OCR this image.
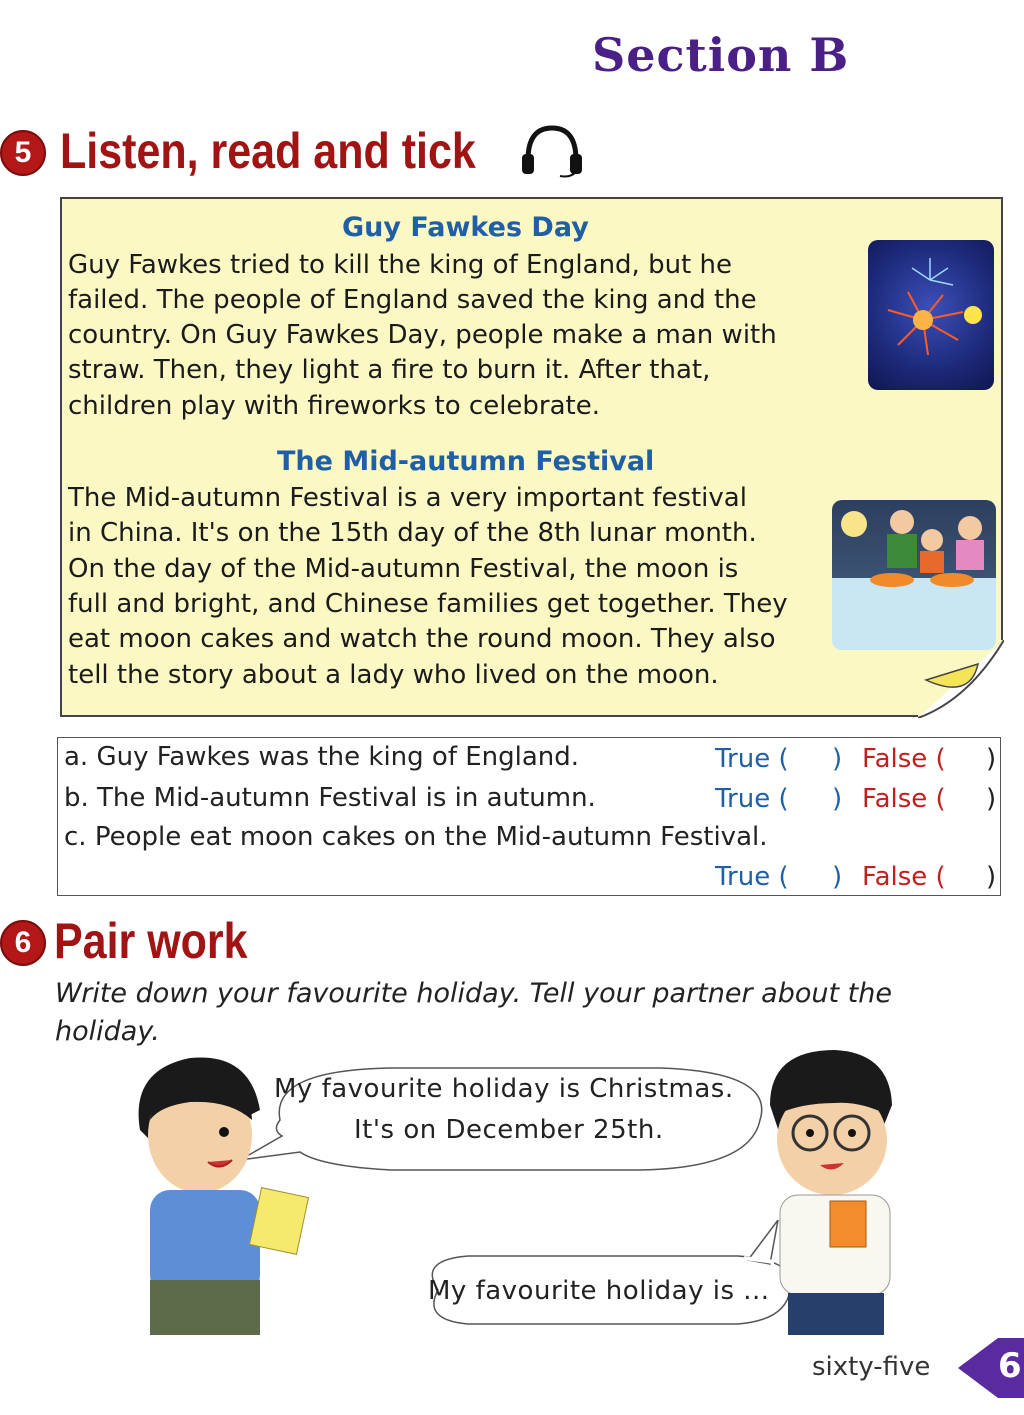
Section B
5 Listen, read and tick
Guy Fawkes Day
Guy Fawkes tried to kill the king of England, but he
failed. The people of England saved the king and the
country. On Guy Fawkes Day, people make a man with
straw. Then, they light a fire to burn it. After that,
children play with fireworks to celebrate.
The Mid-autumn Festival
The Mid-autumn Festival is a very important festival
in China. It's on the 15th day of the 8th lunar month.
On the day of the Mid-autumn Festival, the moon is
full and bright, and Chinese families get together. They
eat moon cakes and watch the round moon. They also
tell the story about a lady who lived on the moon.
a. Guy Fawkes was the king of England.	True ( ) False ( )
b. The Mid-autumn Festival is in autumn.	True ( ) False ( )
c. People eat moon cakes on the Mid-autumn Festival.
True ( ) False ( )
6 Pair work
Write down your favourite holiday. Tell your partner about the holiday.
My favourite holiday is Christmas.
It's on December 25th.
My favourite holiday is ...
sixty-five 6
